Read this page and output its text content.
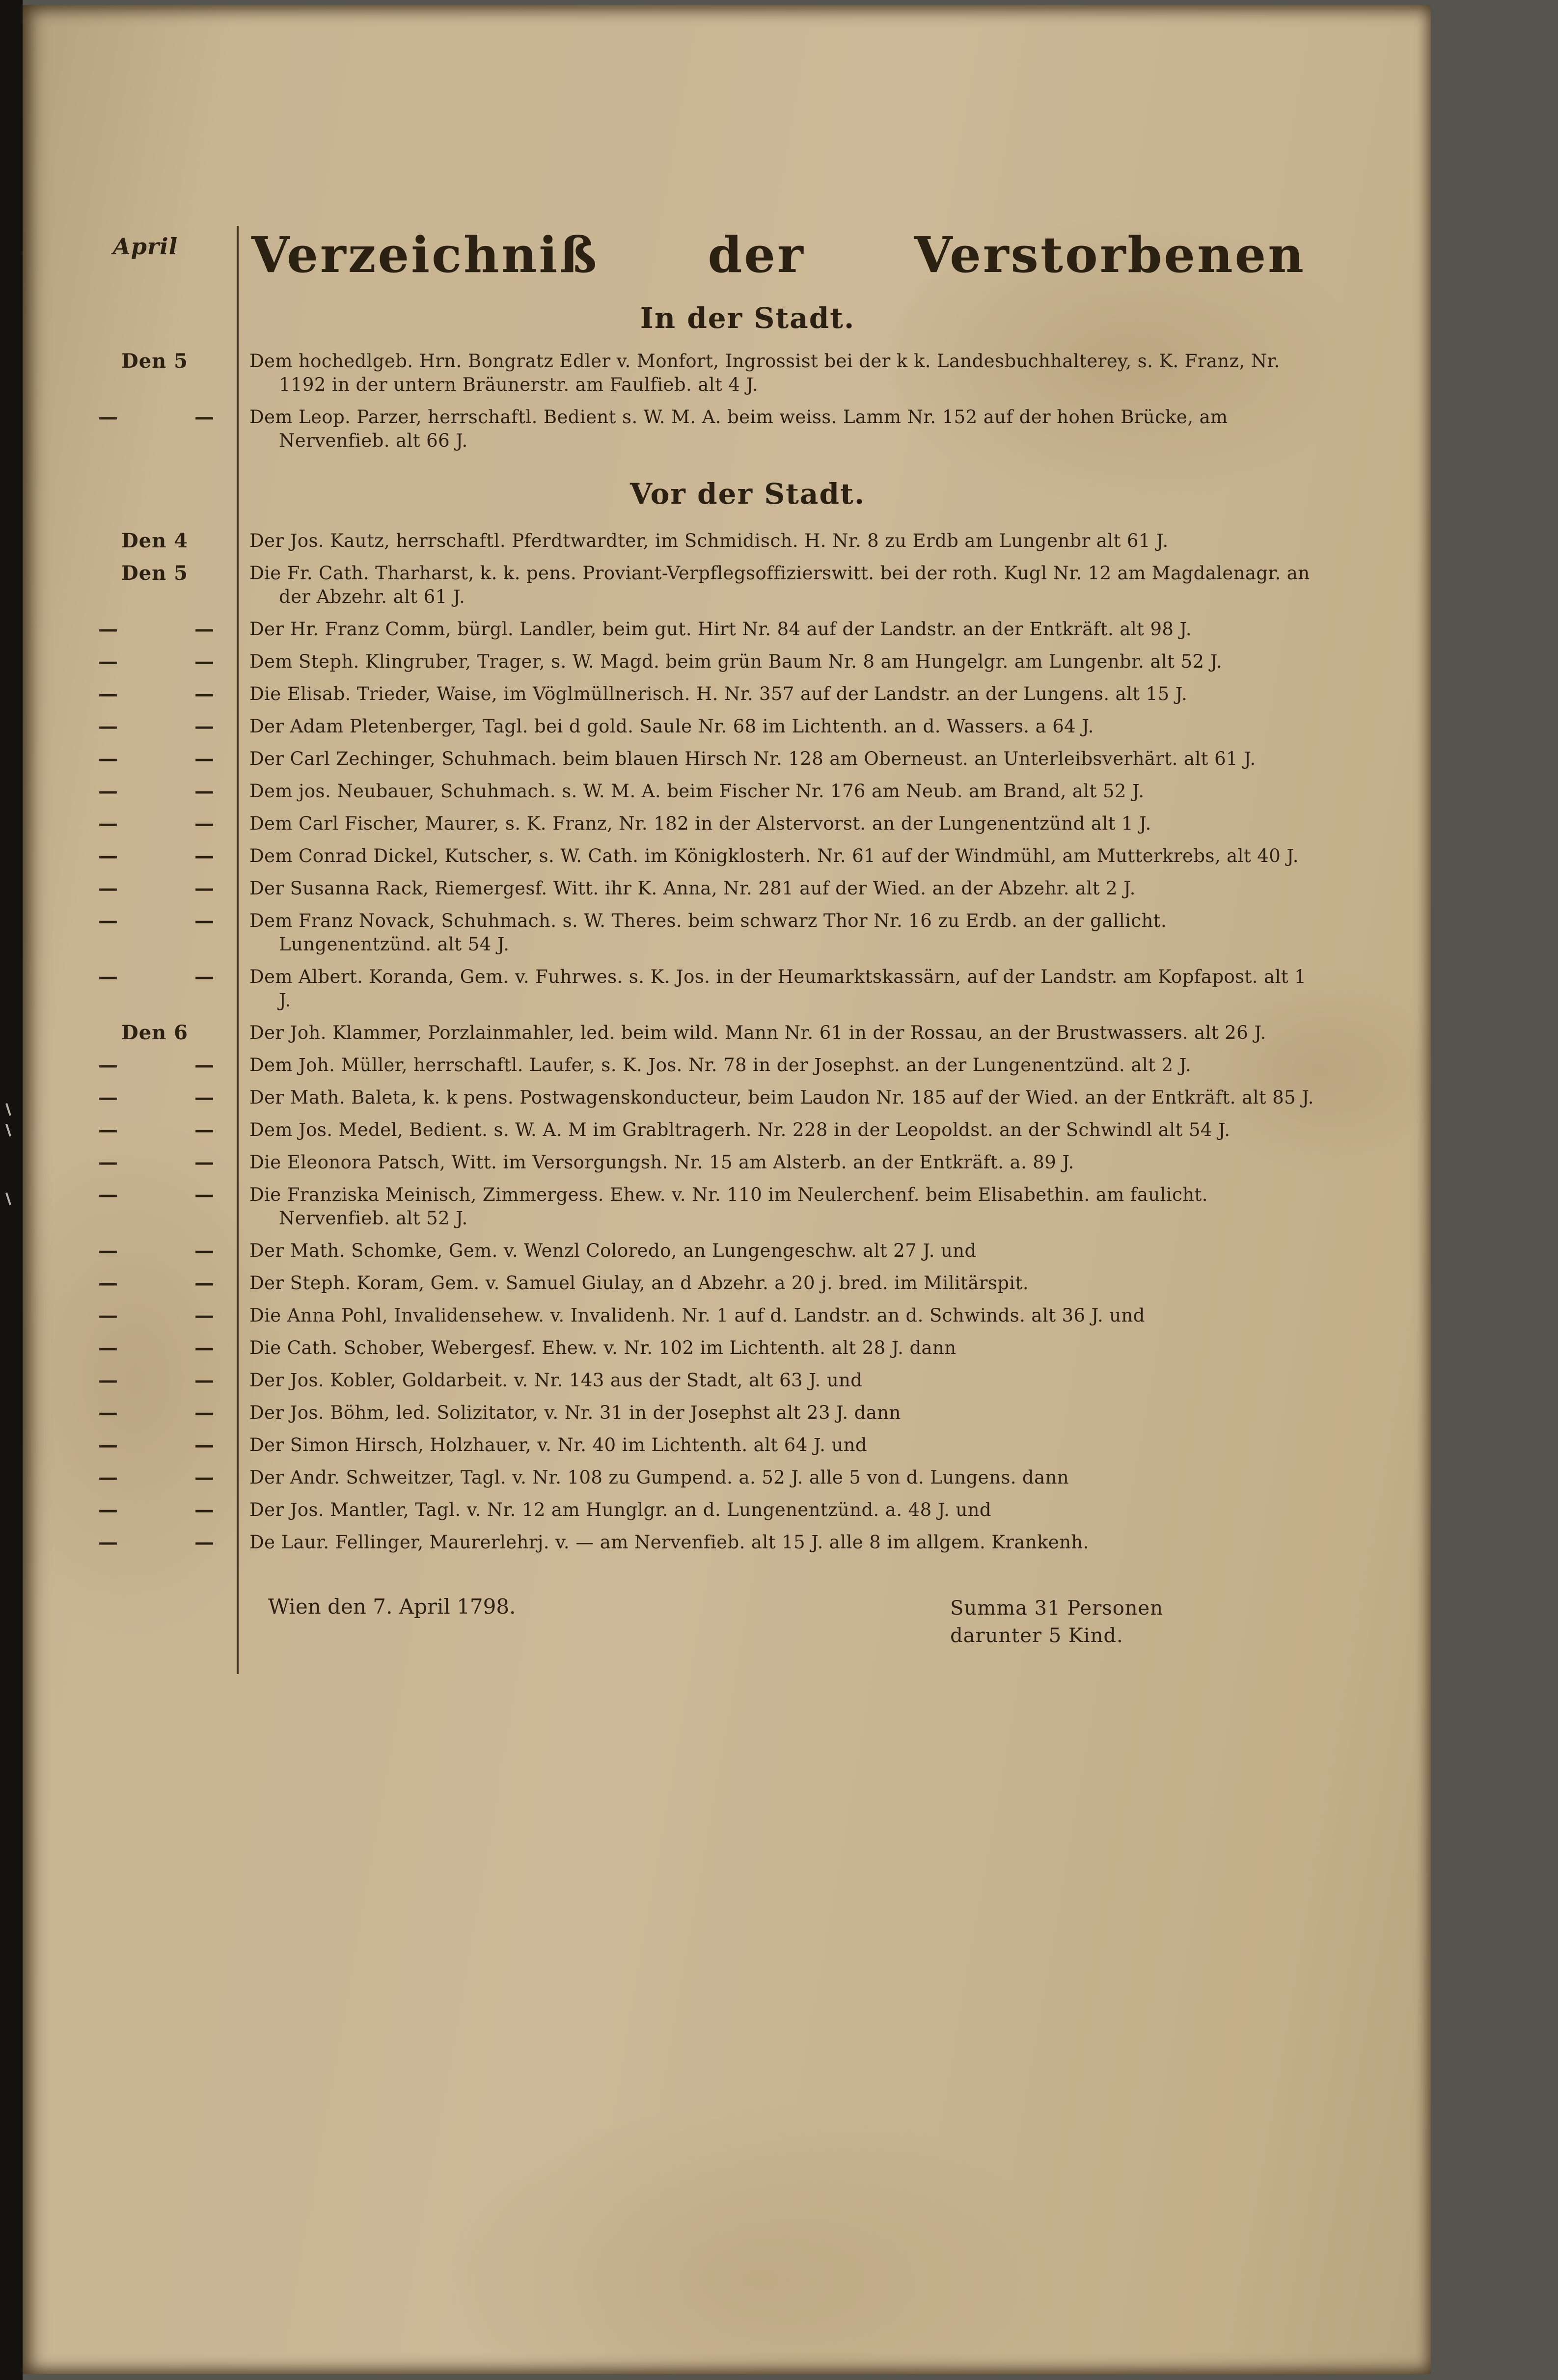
April	Verzeichniß der Verstorbenen
In der Stadt.
Den 5	Dem hochedlgeb. Hrn. Bongratz Edler v. Monfort, Ingrossist bei der k k. Landesbuchhalterey, s. K. Franz, Nr. 1192 in der untern Bräunerstr. am Faulfieb. alt 4 J.
—	—	Dem Leop. Parzer, herrschaftl. Bedient s. W. M. A. beim weiss. Lamm Nr. 152 auf der hohen Brücke, am Nervenfieb. alt 66 J.
Vor der Stadt.
Den 4	Der Jos. Kautz, herrschaftl. Pferdtwardter, im Schmidisch. H. Nr. 8 zu Erdb am Lungenbr alt 61 J.
Den 5	Die Fr. Cath. Tharharst, k. k. pens. Proviant-Verpflegsoffizierswitt. bei der roth. Kugl Nr. 12 am Magdalenagr. an der Abzehr. alt 61 J.
—	—	Der Hr. Franz Comm, bürgl. Landler, beim gut. Hirt Nr. 84 auf der Landstr. an der Entkräft. alt 98 J.
—	—	Dem Steph. Klingruber, Trager, s. W. Magd. beim grün Baum Nr. 8 am Hungelgr. am Lungenbr. alt 52 J.
—	—	Die Elisab. Trieder, Waise, im Vöglmüllnerisch. H. Nr. 357 auf der Landstr. an der Lungens. alt 15 J.
—	—	Der Adam Pletenberger, Tagl. bei d gold. Saule Nr. 68 im Lichtenth. an d. Wassers. a 64 J.
—	—	Der Carl Zechinger, Schuhmach. beim blauen Hirsch Nr. 128 am Oberneust. an Unterleibsverhärt. alt 61 J.
—	—	Dem jos. Neubauer, Schuhmach. s. W. M. A. beim Fischer Nr. 176 am Neub. am Brand, alt 52 J.
—	—	Dem Carl Fischer, Maurer, s. K. Franz, Nr. 182 in der Alstervorst. an der Lungenentzünd alt 1 J.
—	—	Dem Conrad Dickel, Kutscher, s. W. Cath. im Königklosterh. Nr. 61 auf der Windmühl, am Mutterkrebs, alt 40 J.
—	—	Der Susanna Rack, Riemergesf. Witt. ihr K. Anna, Nr. 281 auf der Wied. an der Abzehr. alt 2 J.
—	—	Dem Franz Novack, Schuhmach. s. W. Theres. beim schwarz Thor Nr. 16 zu Erdb. an der gallicht. Lungenentzünd. alt 54 J.
—	—	Dem Albert. Koranda, Gem. v. Fuhrwes. s. K. Jos. in der Heumarktskassärn, auf der Landstr. am Kopfapost. alt 1 J.
Den 6	Der Joh. Klammer, Porzlainmahler, led. beim wild. Mann Nr. 61 in der Rossau, an der Brustwassers. alt 26 J.
—	—	Dem Joh. Müller, herrschaftl. Laufer, s. K. Jos. Nr. 78 in der Josephst. an der Lungenentzünd. alt 2 J.
—	—	Der Math. Baleta, k. k pens. Postwagenskonducteur, beim Laudon Nr. 185 auf der Wied. an der Entkräft. alt 85 J.
—	—	Dem Jos. Medel, Bedient. s. W. A. M im Grabltragerh. Nr. 228 in der Leopoldst. an der Schwindl alt 54 J.
—	—	Die Eleonora Patsch, Witt. im Versorgungsh. Nr. 15 am Alsterb. an der Entkräft. a. 89 J.
—	—	Die Franziska Meinisch, Zimmergess. Ehew. v. Nr. 110 im Neulerchenf. beim Elisabethin. am faulicht. Nervenfieb. alt 52 J.
—	—	Der Math. Schomke, Gem. v. Wenzl Coloredo, an Lungengeschw. alt 27 J. und
—	—	Der Steph. Koram, Gem. v. Samuel Giulay, an d Abzehr. a 20 j. bred. im Militärspit.
—	—	Die Anna Pohl, Invalidensehew. v. Invalidenh. Nr. 1 auf d. Landstr. an d. Schwinds. alt 36 J. und
—	—	Die Cath. Schober, Webergesf. Ehew. v. Nr. 102 im Lichtenth. alt 28 J. dann
—	—	Der Jos. Kobler, Goldarbeit. v. Nr. 143 aus der Stadt, alt 63 J. und
—	—	Der Jos. Böhm, led. Solizitator, v. Nr. 31 in der Josephst alt 23 J. dann
—	—	Der Simon Hirsch, Holzhauer, v. Nr. 40 im Lichtenth. alt 64 J. und
—	—	Der Andr. Schweitzer, Tagl. v. Nr. 108 zu Gumpend. a. 52 J. alle 5 von d. Lungens. dann
—	—	Der Jos. Mantler, Tagl. v. Nr. 12 am Hunglgr. an d. Lungenentzünd. a. 48 J. und
—	—	De Laur. Fellinger, Maurerlehrj. v. — am Nervenfieb. alt 15 J. alle 8 im allgem. Krankenh.
Wien den 7. April 1798.	Summa 31 Personen
darunter 5 Kind.
